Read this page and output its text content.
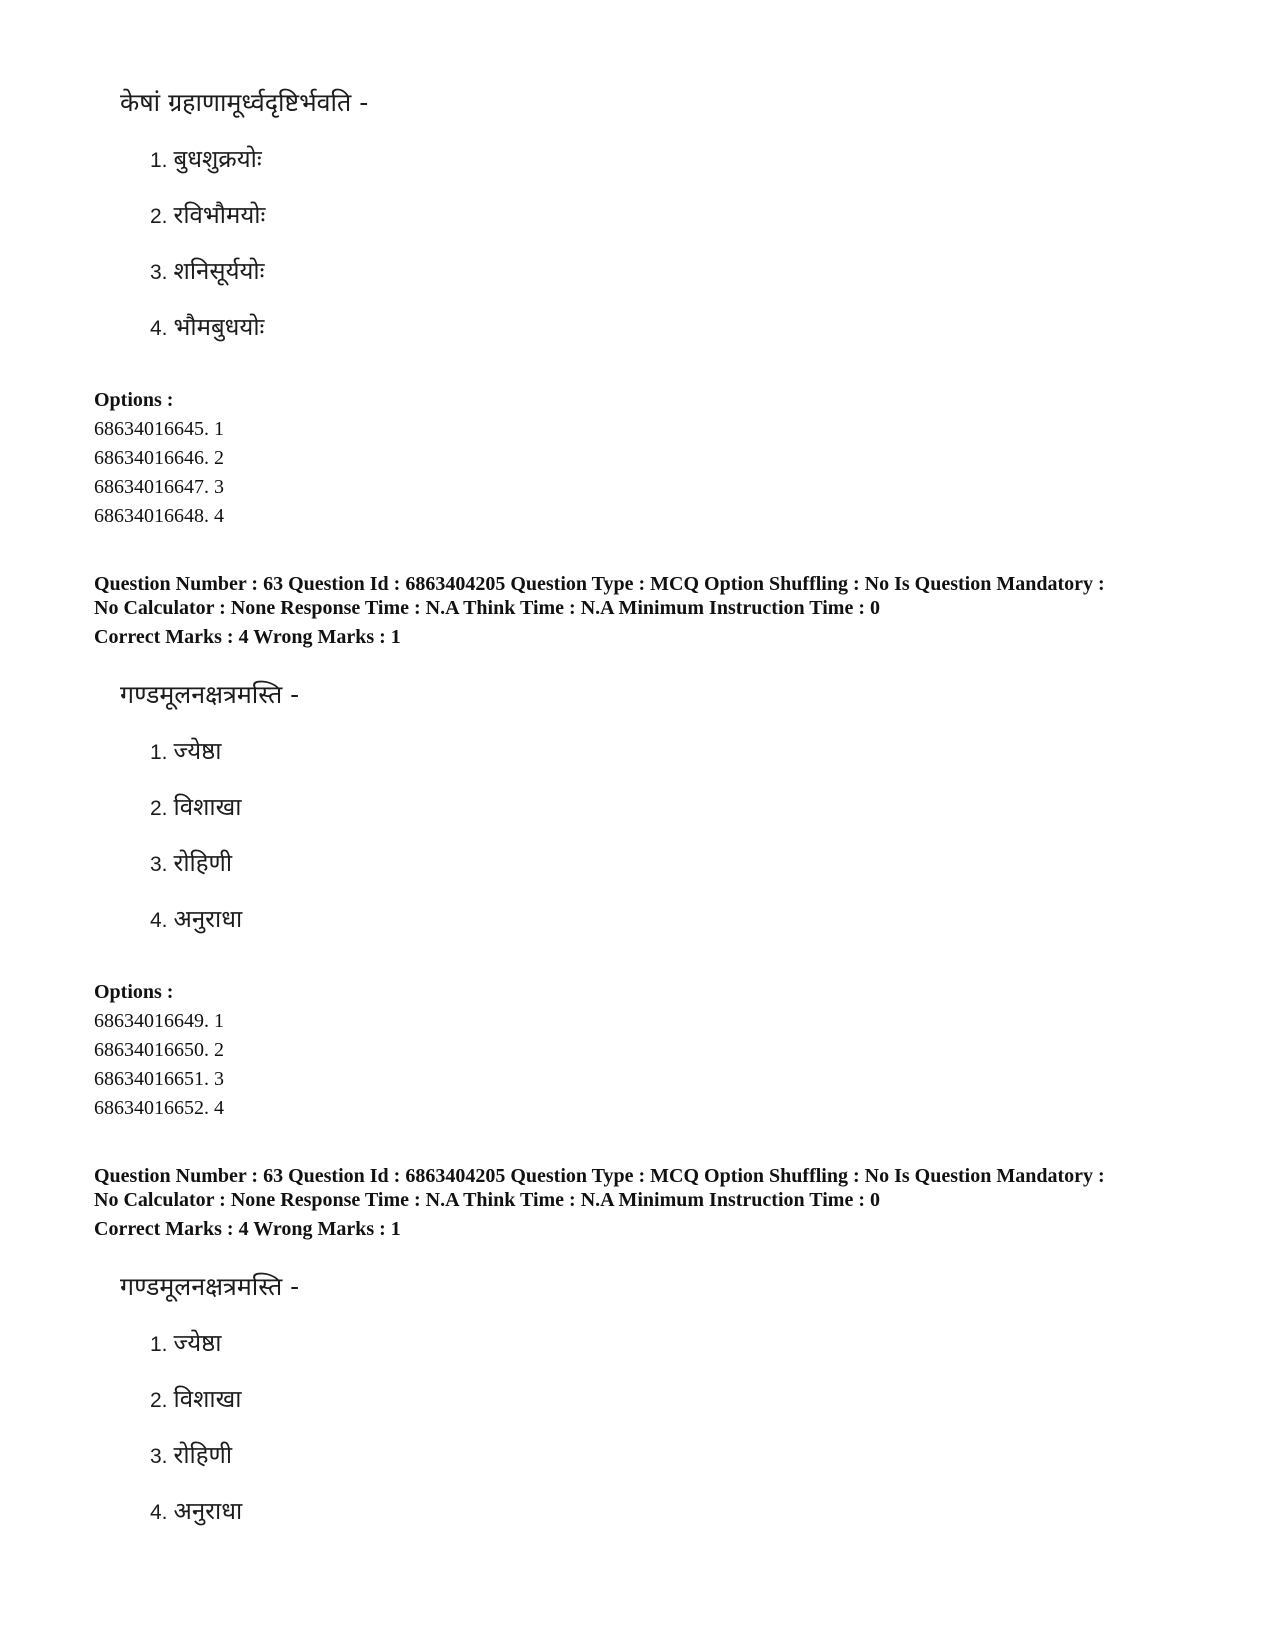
केषां ग्रहाणामूर्ध्वदृष्टिर्भवति -
1. बुधशुक्रयोः
2. रविभौमयोः
3. शनिसूर्ययोः
4. भौमबुधयोः
Options :
68634016645. 1
68634016646. 2
68634016647. 3
68634016648. 4
Question Number : 63 Question Id : 6863404205 Question Type : MCQ Option Shuffling : No Is Question Mandatory :
No Calculator : None Response Time : N.A Think Time : N.A Minimum Instruction Time : 0
Correct Marks : 4 Wrong Marks : 1
गण्डमूलनक्षत्रमस्ति -
1. ज्येष्ठा
2. विशाखा
3. रोहिणी
4. अनुराधा
Options :
68634016649. 1
68634016650. 2
68634016651. 3
68634016652. 4
Question Number : 63 Question Id : 6863404205 Question Type : MCQ Option Shuffling : No Is Question Mandatory :
No Calculator : None Response Time : N.A Think Time : N.A Minimum Instruction Time : 0
Correct Marks : 4 Wrong Marks : 1
गण्डमूलनक्षत्रमस्ति -
1. ज्येष्ठा
2. विशाखा
3. रोहिणी
4. अनुराधा
